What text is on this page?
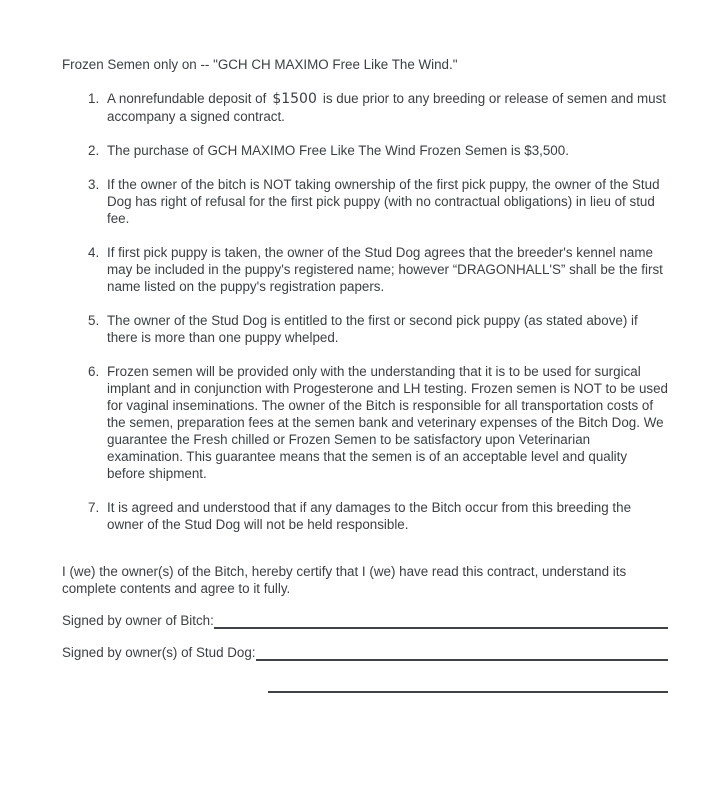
Frozen Semen only on -- "GCH CH MAXIMO Free Like The Wind."
1. A nonrefundable deposit of $1500 is due prior to any breeding or release of semen and must accompany a signed contract.
2. The purchase of GCH MAXIMO Free Like The Wind Frozen Semen is $3,500.
3. If the owner of the bitch is NOT taking ownership of the first pick puppy, the owner of the Stud Dog has right of refusal for the first pick puppy (with no contractual obligations) in lieu of stud fee.
4. If first pick puppy is taken, the owner of the Stud Dog agrees that the breeder's kennel name may be included in the puppy's registered name; however “DRAGONHALL'S” shall be the first name listed on the puppy's registration papers.
5. The owner of the Stud Dog is entitled to the first or second pick puppy (as stated above) if there is more than one puppy whelped.
6. Frozen semen will be provided only with the understanding that it is to be used for surgical implant and in conjunction with Progesterone and LH testing. Frozen semen is NOT to be used for vaginal inseminations. The owner of the Bitch is responsible for all transportation costs of the semen, preparation fees at the semen bank and veterinary expenses of the Bitch Dog. We guarantee the Fresh chilled or Frozen Semen to be satisfactory upon Veterinarian examination. This guarantee means that the semen is of an acceptable level and quality before shipment.
7. It is agreed and understood that if any damages to the Bitch occur from this breeding the owner of the Stud Dog will not be held responsible.
I (we) the owner(s) of the Bitch, hereby certify that I (we) have read this contract, understand its complete contents and agree to it fully.
Signed by owner of Bitch:
Signed by owner(s) of Stud Dog:
